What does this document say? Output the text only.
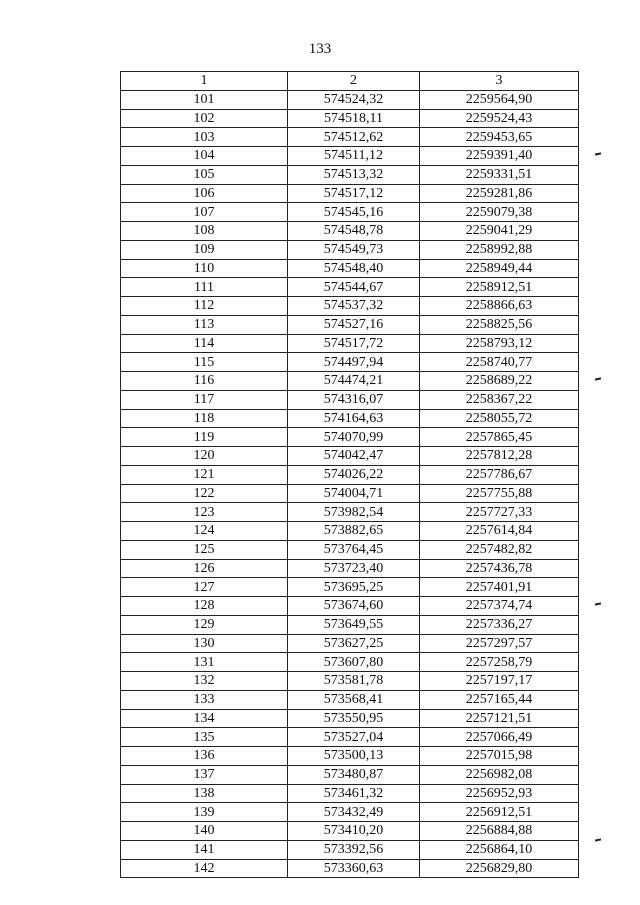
133
1	2	3
101	574524,32	2259564,90
102	574518,11	2259524,43
103	574512,62	2259453,65
104	574511,12	2259391,40
105	574513,32	2259331,51
106	574517,12	2259281,86
107	574545,16	2259079,38
108	574548,78	2259041,29
109	574549,73	2258992,88
110	574548,40	2258949,44
111	574544,67	2258912,51
112	574537,32	2258866,63
113	574527,16	2258825,56
114	574517,72	2258793,12
115	574497,94	2258740,77
116	574474,21	2258689,22
117	574316,07	2258367,22
118	574164,63	2258055,72
119	574070,99	2257865,45
120	574042,47	2257812,28
121	574026,22	2257786,67
122	574004,71	2257755,88
123	573982,54	2257727,33
124	573882,65	2257614,84
125	573764,45	2257482,82
126	573723,40	2257436,78
127	573695,25	2257401,91
128	573674,60	2257374,74
129	573649,55	2257336,27
130	573627,25	2257297,57
131	573607,80	2257258,79
132	573581,78	2257197,17
133	573568,41	2257165,44
134	573550,95	2257121,51
135	573527,04	2257066,49
136	573500,13	2257015,98
137	573480,87	2256982,08
138	573461,32	2256952,93
139	573432,49	2256912,51
140	573410,20	2256884,88
141	573392,56	2256864,10
142	573360,63	2256829,80
